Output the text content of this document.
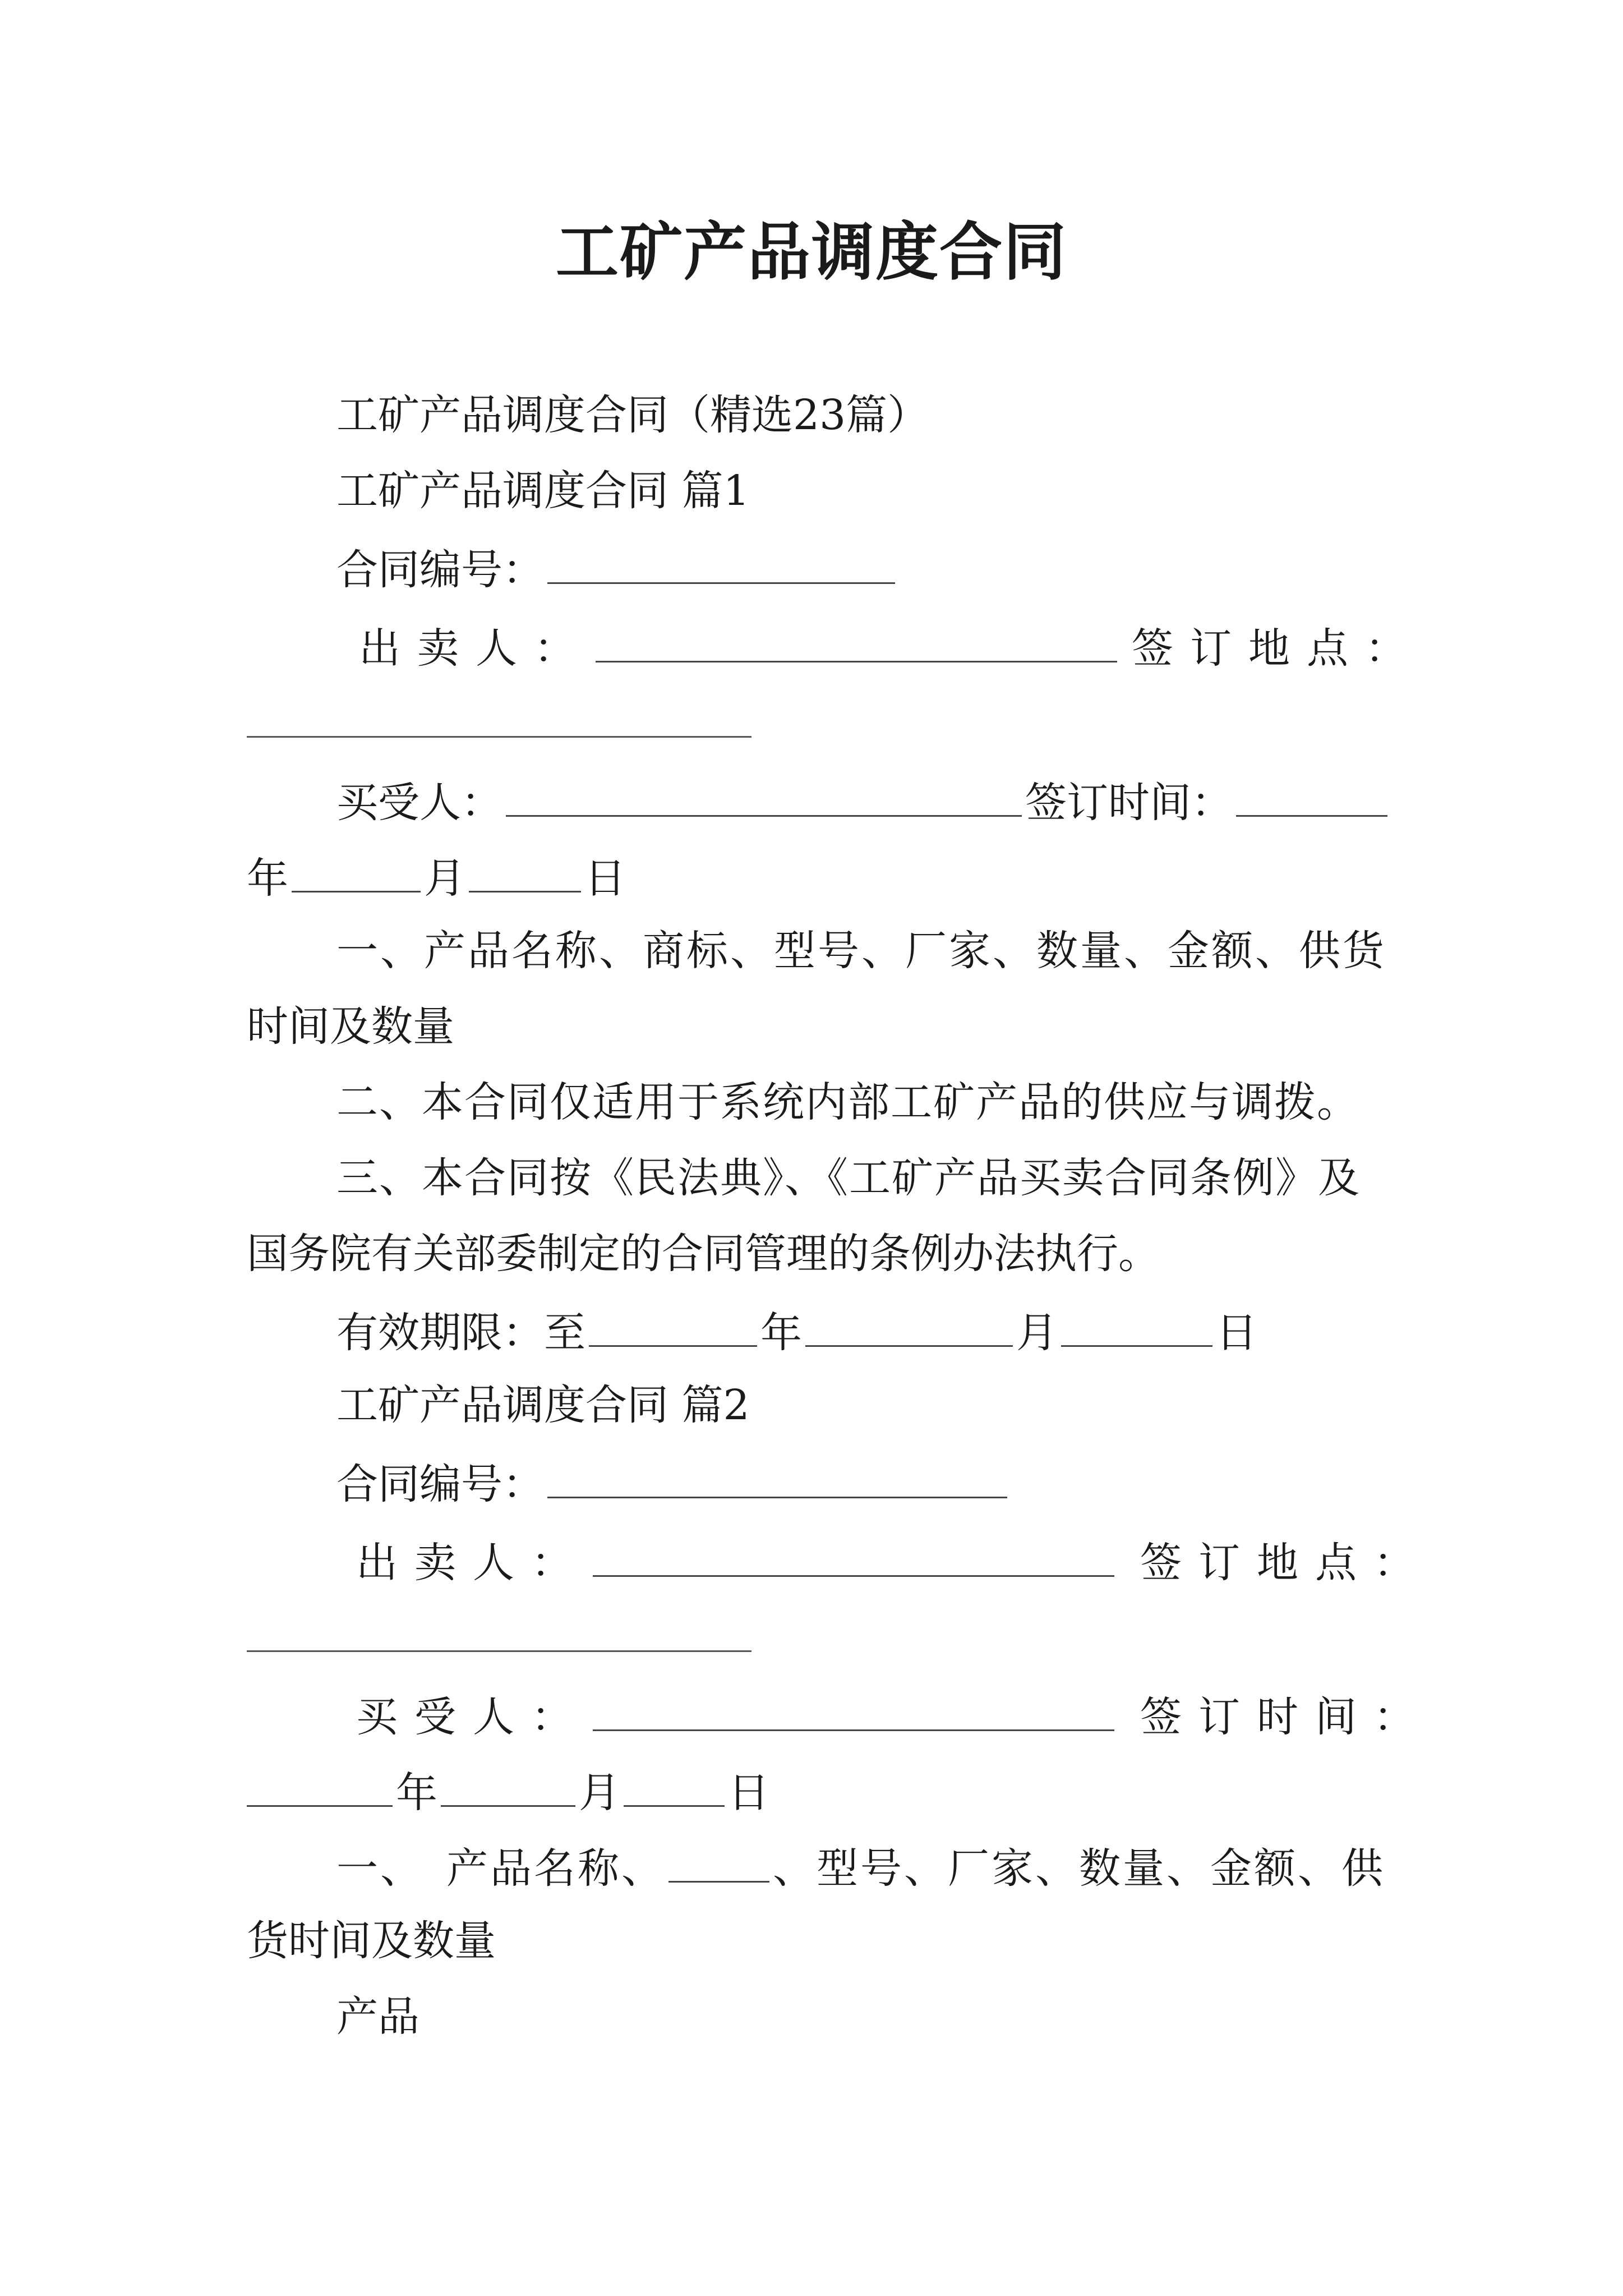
工矿产品调度合同
工矿产品调度合同（精选23篇）
工矿产品调度合同 篇1
合同编号：
出卖人：	签订地点：
买受人：	签订时间：
年	月	日
一、产品名称、商标、型号、厂家、数量、金额、供货
时间及数量
二、本合同仅适用于系统内部工矿产品的供应与调拨。
三、本合同按《民法典》、《工矿产品买卖合同条例》及
国务院有关部委制定的合同管理的条例办法执行。
有效期限：至	年	月	日
工矿产品调度合同 篇2
合同编号：
出卖人：	签订地点：
买受人：	签订时间：
年	月	日
一、 产品名称、	、型号、厂家、数量、金额、供
货时间及数量
产品
